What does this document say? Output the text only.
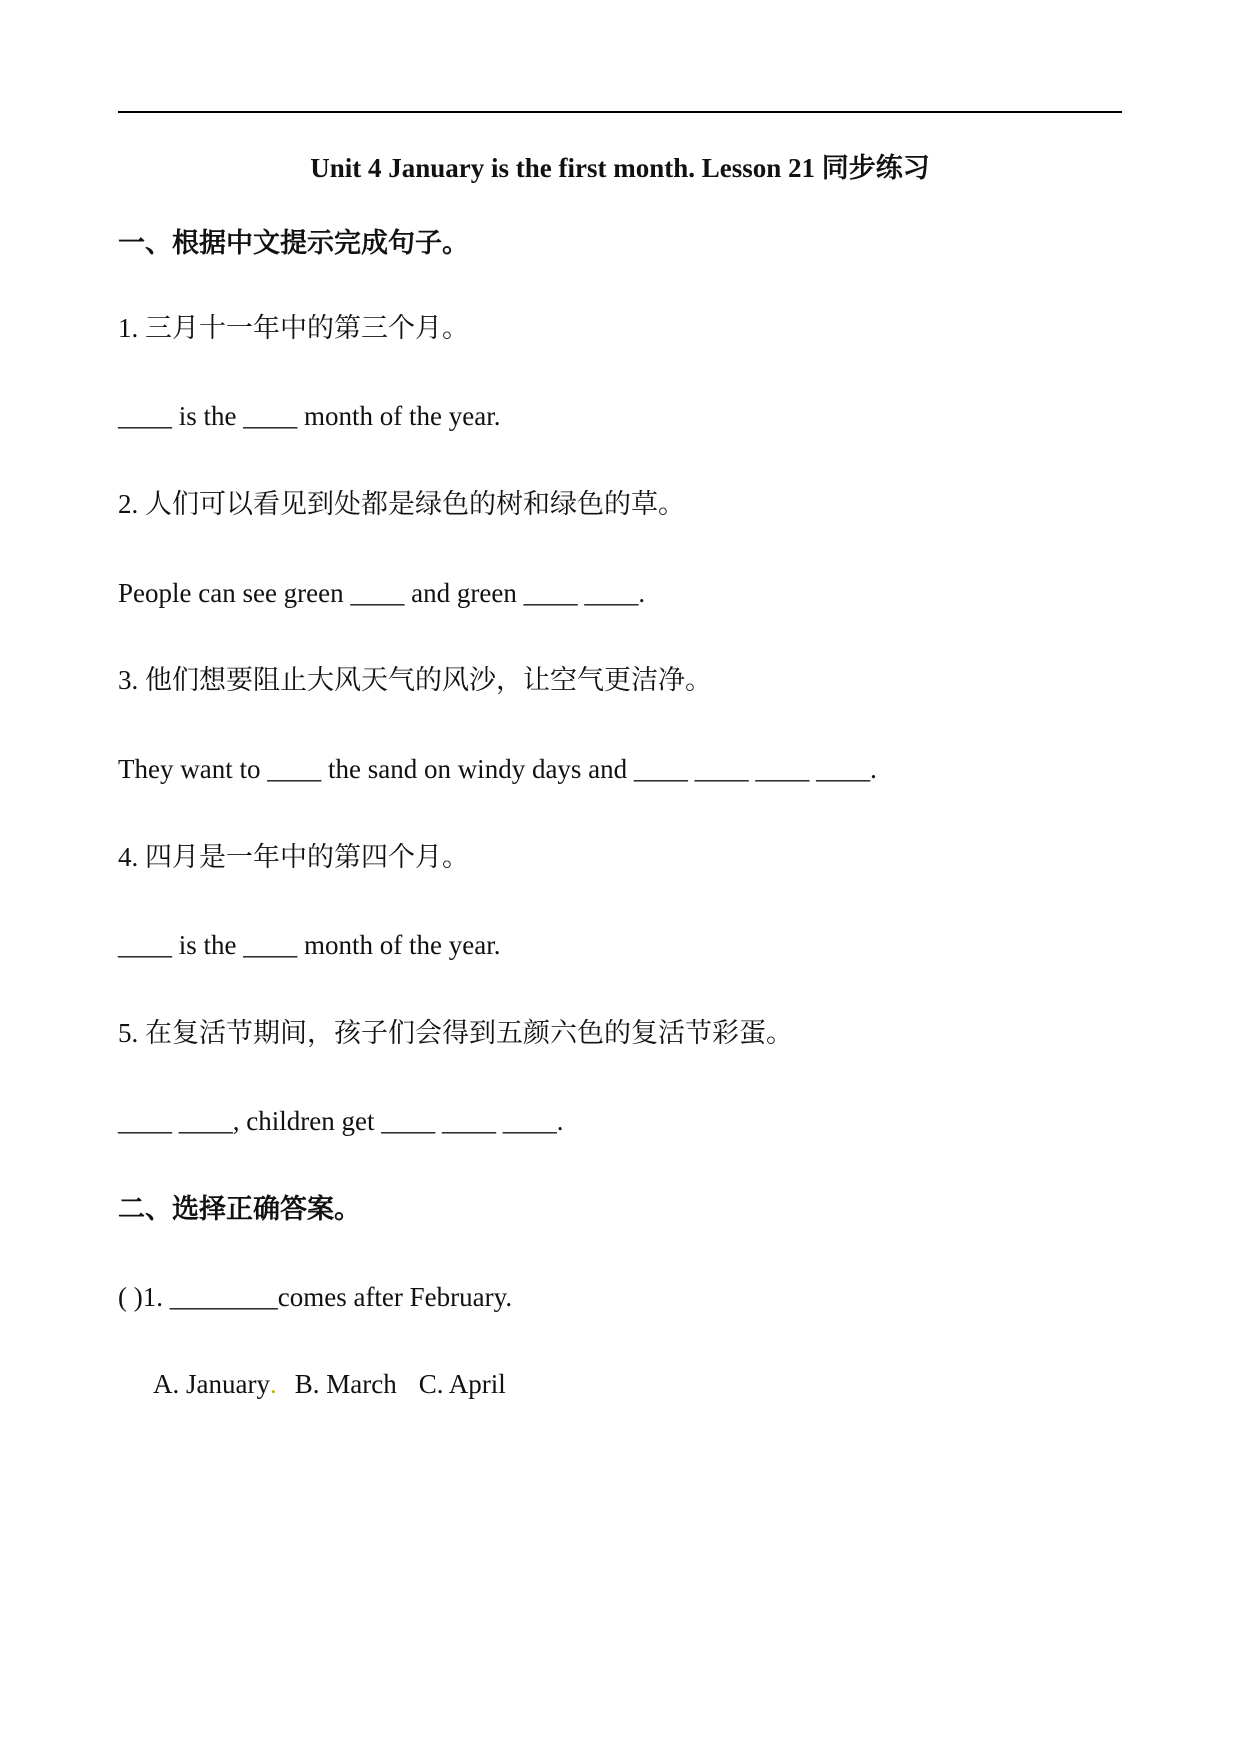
Unit 4 January is the first month. Lesson 21 同步练习
一、根据中文提示完成句子。
1. 三月十一年中的第三个月。
____ is the ____ month of the year.
2. 人们可以看见到处都是绿色的树和绿色的草。
People can see green ____ and green ____ ____.
3. 他们想要阻止大风天气的风沙，让空气更洁净。
They want to ____ the sand on windy days and ____ ____ ____ ____.
4. 四月是一年中的第四个月。
____ is the ____ month of the year.
5. 在复活节期间，孩子们会得到五颜六色的复活节彩蛋。
____ ____, children get ____ ____ ____.
二、选择正确答案。
( )1. ________comes after February.
A. January. B. March C. April
